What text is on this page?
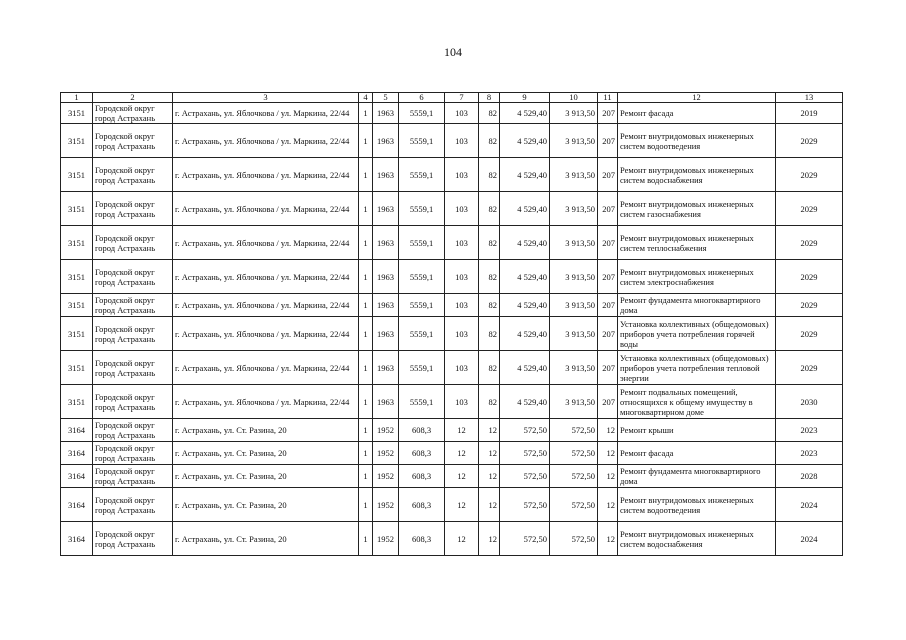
104
1	2	3	4	5	6	7	8	9	10	11	12	13
3151	Городской округ город Астрахань	г. Астрахань, ул. Яблочкова / ул. Маркина, 22/44	1	1963	5559,1	103	82	4 529,40	3 913,50	207	Ремонт фасада	2019
3151	Городской округ город Астрахань	г. Астрахань, ул. Яблочкова / ул. Маркина, 22/44	1	1963	5559,1	103	82	4 529,40	3 913,50	207	Ремонт внутридомовых инженерных систем водоотведения	2029
3151	Городской округ город Астрахань	г. Астрахань, ул. Яблочкова / ул. Маркина, 22/44	1	1963	5559,1	103	82	4 529,40	3 913,50	207	Ремонт внутридомовых инженерных систем водоснабжения	2029
3151	Городской округ город Астрахань	г. Астрахань, ул. Яблочкова / ул. Маркина, 22/44	1	1963	5559,1	103	82	4 529,40	3 913,50	207	Ремонт внутридомовых инженерных систем газоснабжения	2029
3151	Городской округ город Астрахань	г. Астрахань, ул. Яблочкова / ул. Маркина, 22/44	1	1963	5559,1	103	82	4 529,40	3 913,50	207	Ремонт внутридомовых инженерных систем теплоснабжения	2029
3151	Городской округ город Астрахань	г. Астрахань, ул. Яблочкова / ул. Маркина, 22/44	1	1963	5559,1	103	82	4 529,40	3 913,50	207	Ремонт внутридомовых инженерных систем электроснабжения	2029
3151	Городской округ город Астрахань	г. Астрахань, ул. Яблочкова / ул. Маркина, 22/44	1	1963	5559,1	103	82	4 529,40	3 913,50	207	Ремонт фундамента многоквартирного дома	2029
3151	Городской округ город Астрахань	г. Астрахань, ул. Яблочкова / ул. Маркина, 22/44	1	1963	5559,1	103	82	4 529,40	3 913,50	207	Установка коллективных (общедомовых) приборов учета потребления горячей воды	2029
3151	Городской округ город Астрахань	г. Астрахань, ул. Яблочкова / ул. Маркина, 22/44	1	1963	5559,1	103	82	4 529,40	3 913,50	207	Установка коллективных (общедомовых) приборов учета потребления тепловой энергии	2029
3151	Городской округ город Астрахань	г. Астрахань, ул. Яблочкова / ул. Маркина, 22/44	1	1963	5559,1	103	82	4 529,40	3 913,50	207	Ремонт подвальных помещений, относящихся к общему имуществу в многоквартирном доме	2030
3164	Городской округ город Астрахань	г. Астрахань, ул. Ст. Разина, 20	1	1952	608,3	12	12	572,50	572,50	12	Ремонт крыши	2023
3164	Городской округ город Астрахань	г. Астрахань, ул. Ст. Разина, 20	1	1952	608,3	12	12	572,50	572,50	12	Ремонт фасада	2023
3164	Городской округ город Астрахань	г. Астрахань, ул. Ст. Разина, 20	1	1952	608,3	12	12	572,50	572,50	12	Ремонт фундамента многоквартирного дома	2028
3164	Городской округ город Астрахань	г. Астрахань, ул. Ст. Разина, 20	1	1952	608,3	12	12	572,50	572,50	12	Ремонт внутридомовых инженерных систем водоотведения	2024
3164	Городской округ город Астрахань	г. Астрахань, ул. Ст. Разина, 20	1	1952	608,3	12	12	572,50	572,50	12	Ремонт внутридомовых инженерных систем водоснабжения	2024
